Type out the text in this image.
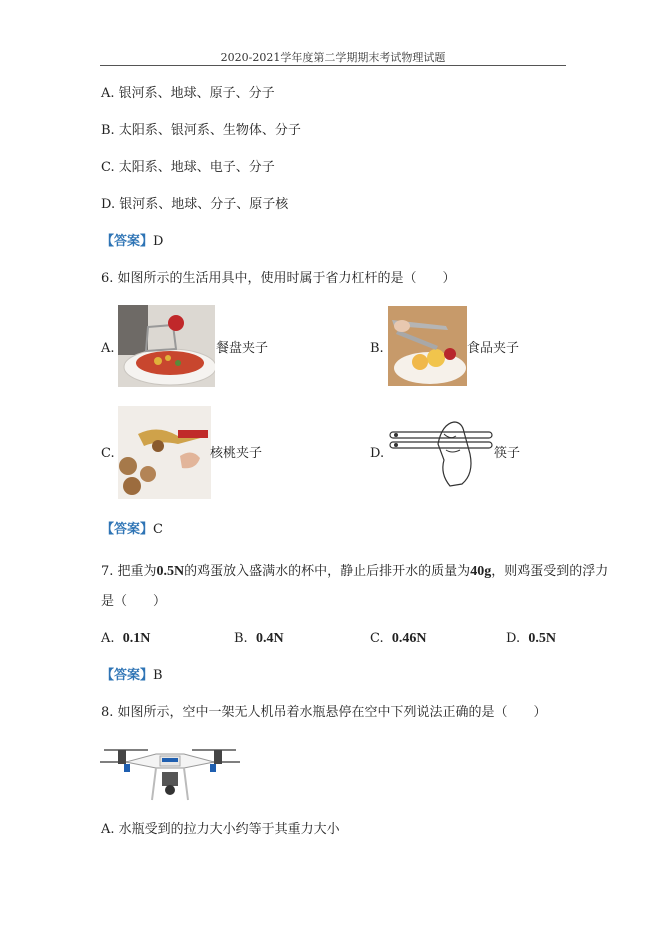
2020-2021学年度第二学期期末考试物理试题
A. 银河系、地球、原子、分子
B. 太阳系、银河系、生物体、分子
C. 太阳系、地球、电子、分子
D. 银河系、地球、分子、原子核
【答案】D
6. 如图所示的生活用具中，使用时属于省力杠杆的是（　　）
A.	餐盘夹子	B.	食品夹子
C.	核桃夹子	D.	筷子
【答案】C
7. 把重为0.5N的鸡蛋放入盛满水的杯中，静止后排开水的质量为40g，则鸡蛋受到的浮力
是（　　）
A. 0.1N	B. 0.4N	C. 0.46N	D. 0.5N
【答案】B
8. 如图所示，空中一架无人机吊着水瓶悬停在空中下列说法正确的是（　　）
A. 水瓶受到的拉力大小约等于其重力大小
